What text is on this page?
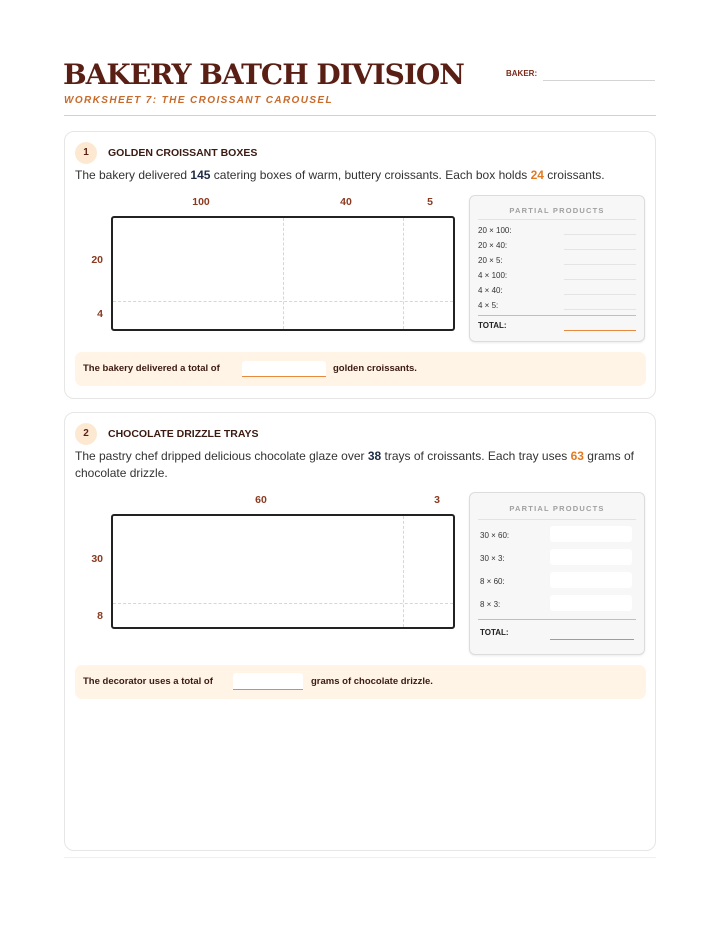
BAKERY BATCH DIVISION
WORKSHEET 7: THE CROISSANT CAROUSEL
BAKER:
1	GOLDEN CROISSANT BOXES

The bakery delivered 145 catering boxes of warm, buttery croissants. Each box holds 24 croissants.

100	40	5
20
4
PARTIAL PRODUCTS
20 × 100:
20 × 40:
20 × 5:
4 × 100:
4 × 40:
4 × 5:
TOTAL:
The bakery delivered a total of	golden croissants.
2	CHOCOLATE DRIZZLE TRAYS

The pastry chef dripped delicious chocolate glaze over 38 trays of croissants. Each tray uses 63 grams of chocolate drizzle.

60	3
30
8
PARTIAL PRODUCTS
30 × 60:
30 × 3:
8 × 60:
8 × 3:
TOTAL:
The decorator uses a total of	grams of chocolate drizzle.
